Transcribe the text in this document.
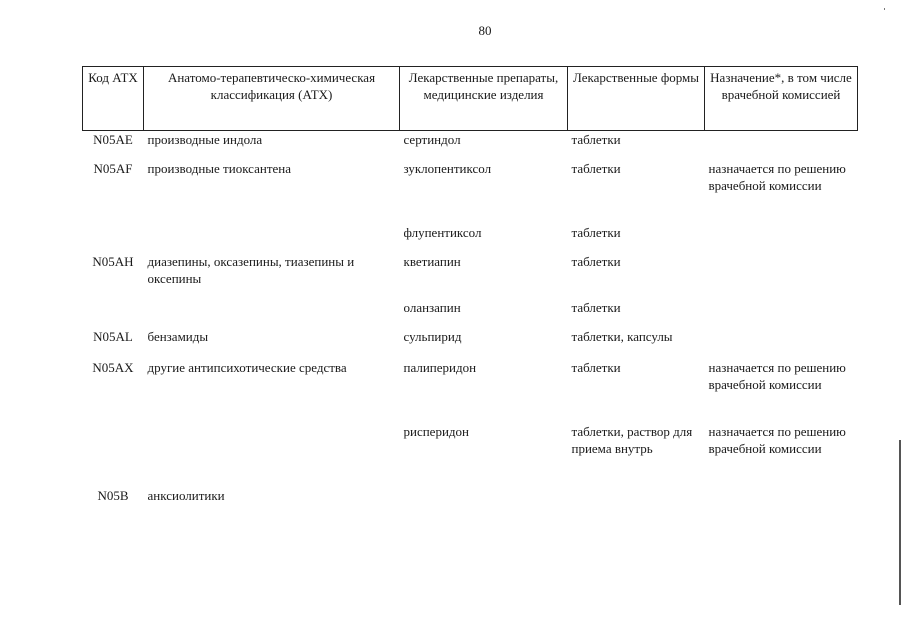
80
Код АТХ	Анатомо-терапевтическо-химическая классификация (АТХ)	Лекарственные препараты, медицинские изделия	Лекарственные формы	Назначение*, в том числе врачебной комиссией
N05AE	производные индола	сертиндол	таблетки	
N05AF	производные тиоксантена	зуклопентиксол	таблетки	назначается по решению врачебной комиссии
		флупентиксол	таблетки	
N05AH	диазепины, оксазепины, тиазепины и оксепины	кветиапин	таблетки	
		оланзапин	таблетки	
N05AL	бензамиды	сульпирид	таблетки, капсулы	
N05AX	другие антипсихотические средства	палиперидон	таблетки	назначается по решению врачебной комиссии
		рисперидон	таблетки, раствор для приема внутрь	назначается по решению врачебной комиссии
N05B	анксиолитики			
